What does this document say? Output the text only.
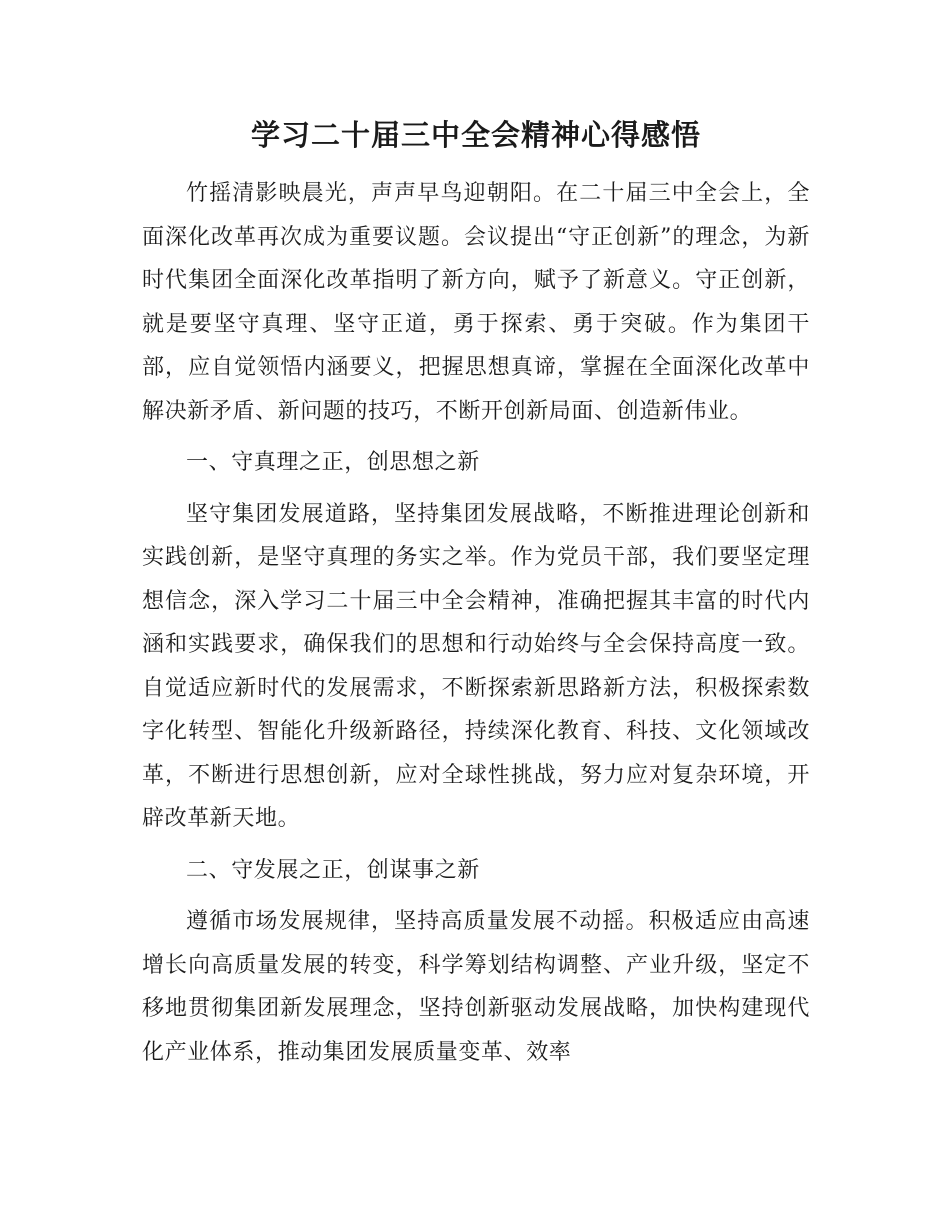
学习二十届三中全会精神心得感悟

竹摇清影映晨光，声声早鸟迎朝阳。在二十届三中全会上，全面深化改革再次成为重要议题。会议提出“守正创新”的理念，为新时代集团全面深化改革指明了新方向，赋予了新意义。守正创新，就是要坚守真理、坚守正道，勇于探索、勇于突破。作为集团干部，应自觉领悟内涵要义，把握思想真谛，掌握在全面深化改革中解决新矛盾、新问题的技巧，不断开创新局面、创造新伟业。

一、守真理之正，创思想之新

坚守集团发展道路，坚持集团发展战略，不断推进理论创新和实践创新，是坚守真理的务实之举。作为党员干部，我们要坚定理想信念，深入学习二十届三中全会精神，准确把握其丰富的时代内涵和实践要求，确保我们的思想和行动始终与全会保持高度一致。自觉适应新时代的发展需求，不断探索新思路新方法，积极探索数字化转型、智能化升级新路径，持续深化教育、科技、文化领域改革，不断进行思想创新，应对全球性挑战，努力应对复杂环境，开辟改革新天地。

二、守发展之正，创谋事之新

遵循市场发展规律，坚持高质量发展不动摇。积极适应由高速增长向高质量发展的转变，科学筹划结构调整、产业升级，坚定不移地贯彻集团新发展理念，坚持创新驱动发展战略，加快构建现代化产业体系，推动集团发展质量变革、效率
